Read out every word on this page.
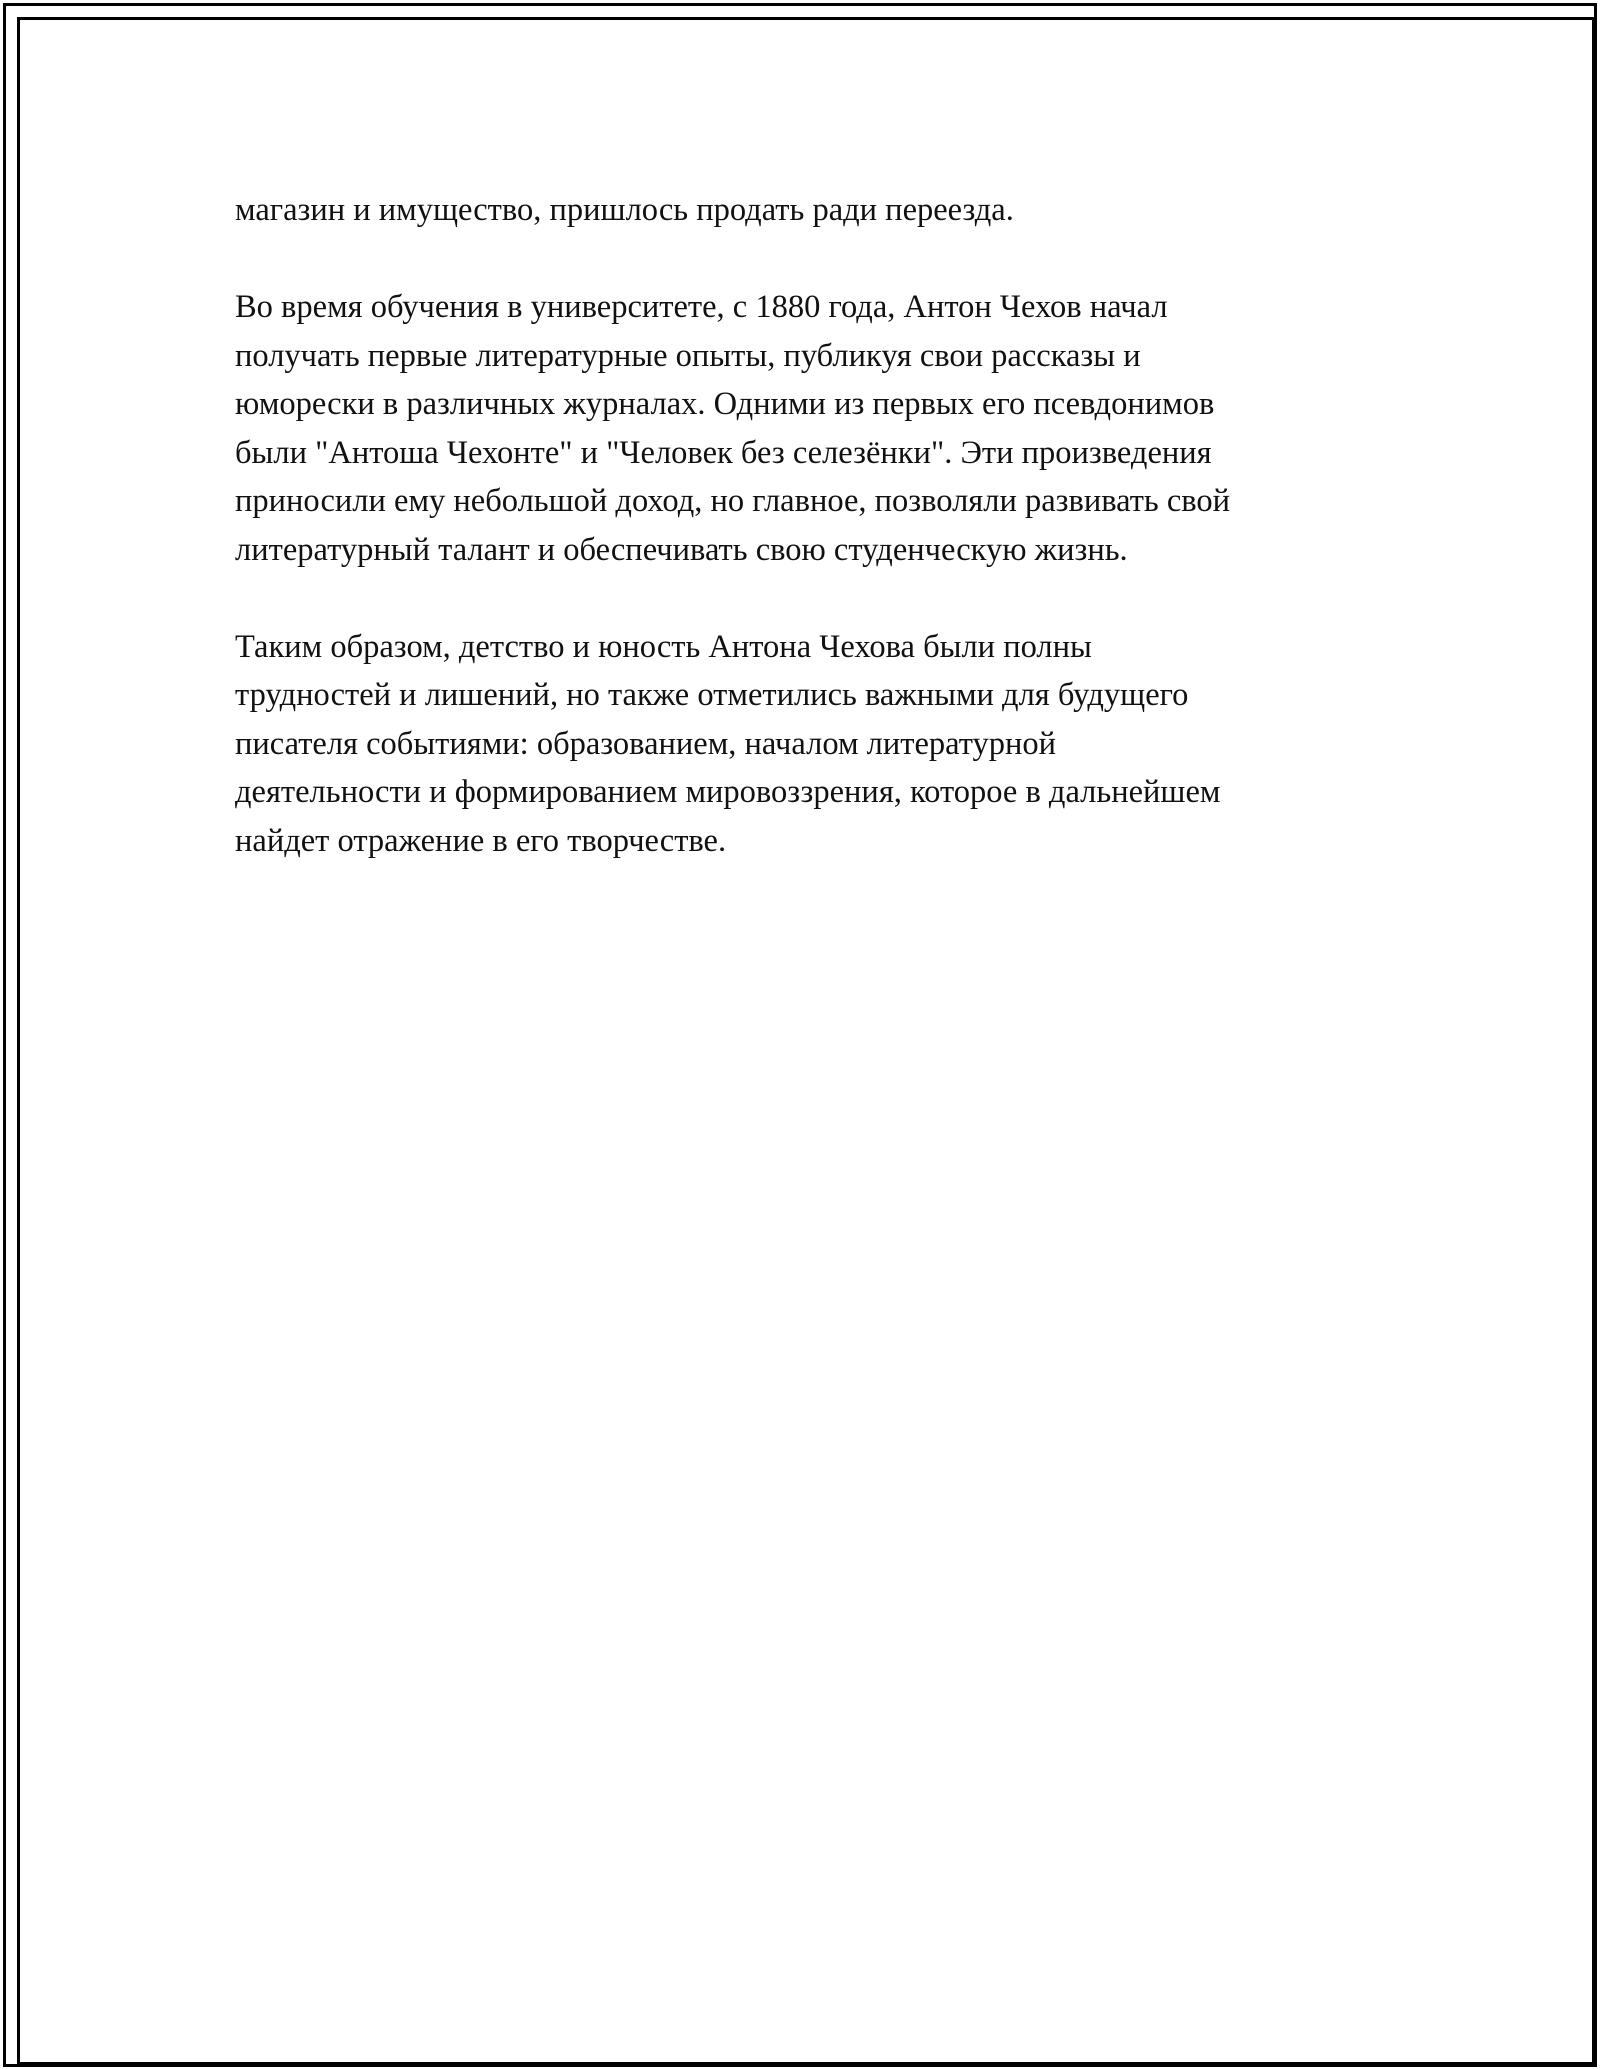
магазин и имущество, пришлось продать ради переезда.

Во время обучения в университете, с 1880 года, Антон Чехов начал
получать первые литературные опыты, публикуя свои рассказы и
юморески в различных журналах. Одними из первых его псевдонимов
были "Антоша Чехонте" и "Человек без селезёнки". Эти произведения
приносили ему небольшой доход, но главное, позволяли развивать свой
литературный талант и обеспечивать свою студенческую жизнь.

Таким образом, детство и юность Антона Чехова были полны
трудностей и лишений, но также отметились важными для будущего
писателя событиями: образованием, началом литературной
деятельности и формированием мировоззрения, которое в дальнейшем
найдет отражение в его творчестве.
